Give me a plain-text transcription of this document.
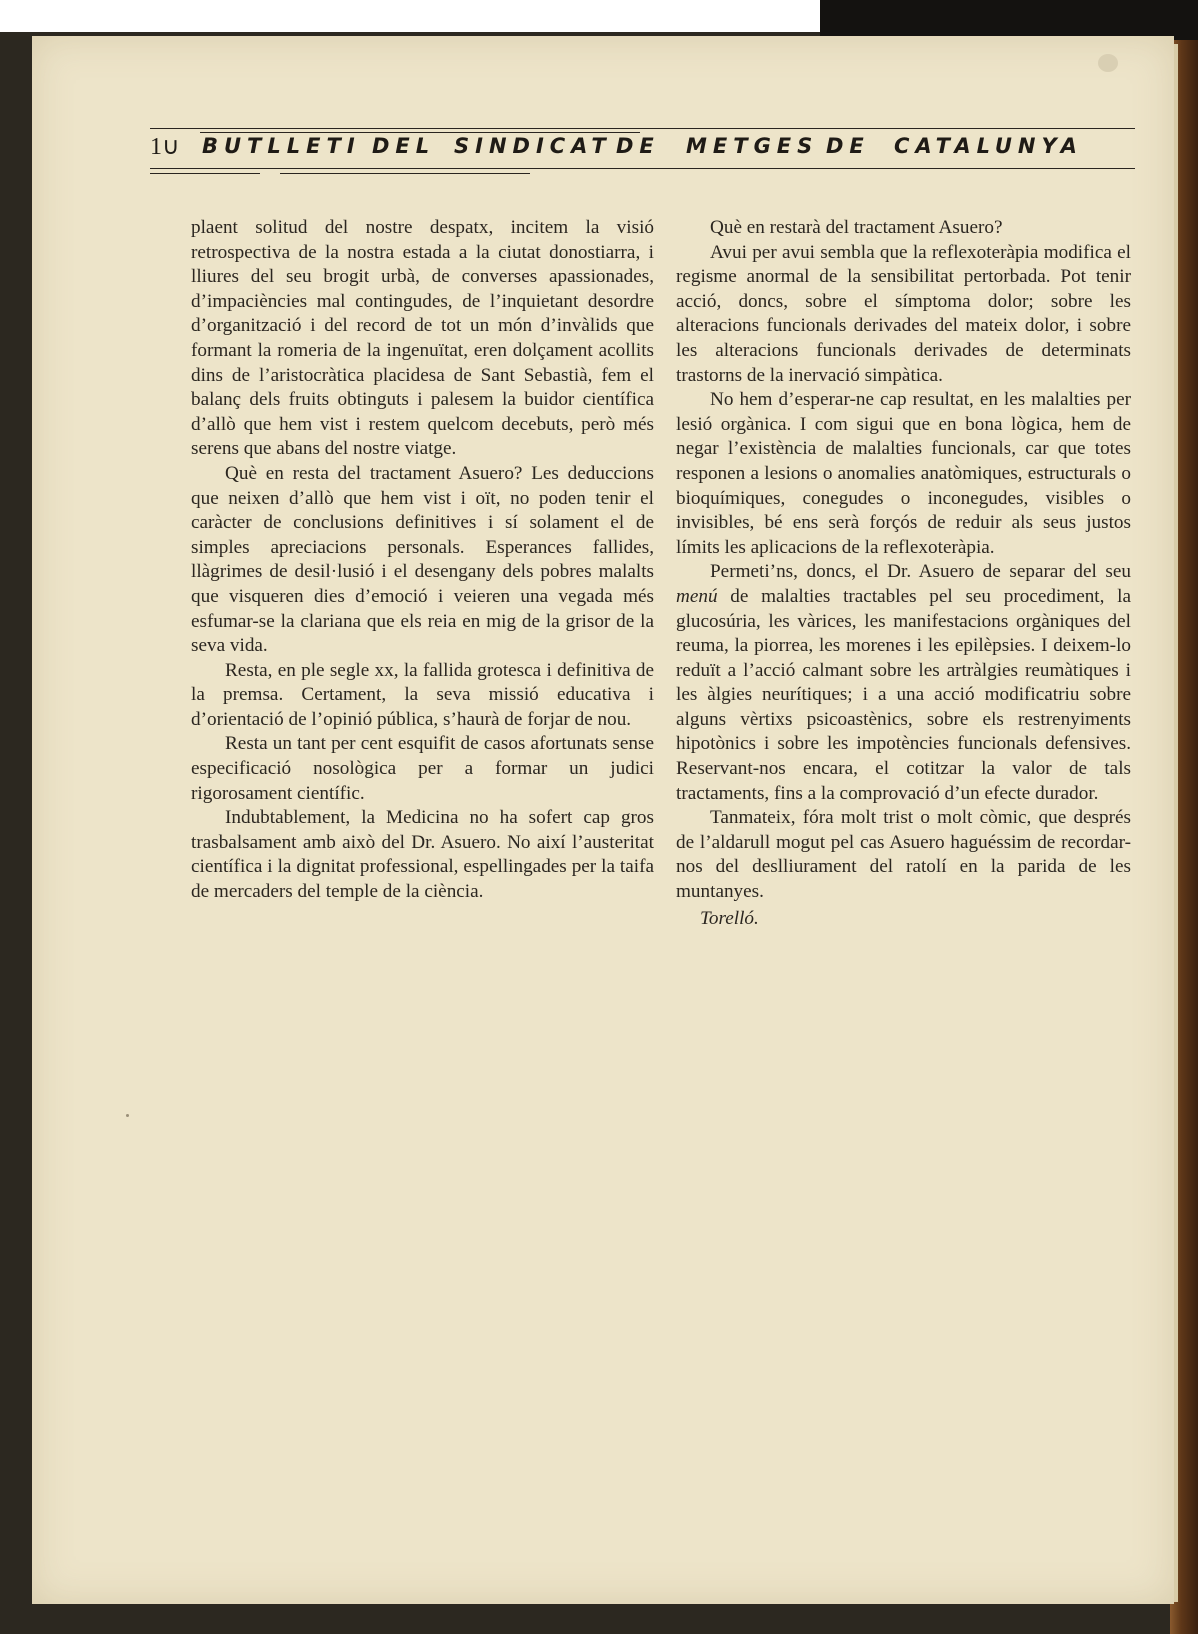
1∪ BUTLLETI DEL SINDICAT DE METGES DE CATALUNYA

plaent solitud del nostre despatx, incitem la visió retrospectiva de la nostra estada a la ciutat donostiarra, i lliures del seu brogit urbà, de converses apassionades, d’impaciències mal contingudes, de l’inquietant desordre d’organització i del record de tot un món d’invàlids que formant la romeria de la ingenuïtat, eren dolçament acollits dins de l’aristocràtica placidesa de Sant Sebastià, fem el balanç dels fruits obtinguts i palesem la buidor científica d’allò que hem vist i restem quelcom decebuts, però més serens que abans del nostre viatge.

Què en resta del tractament Asuero? Les deduccions que neixen d’allò que hem vist i oït, no poden tenir el caràcter de conclusions definitives i sí solament el de simples apreciacions personals. Esperances fallides, llàgrimes de desil·lusió i el desengany dels pobres malalts que visqueren dies d’emoció i veieren una vegada més esfumar-se la clariana que els reia en mig de la grisor de la seva vida.

Resta, en ple segle xx, la fallida grotesca i definitiva de la premsa. Certament, la seva missió educativa i d’orientació de l’opinió pública, s’haurà de forjar de nou.

Resta un tant per cent esquifit de casos afortunats sense especificació nosològica per a formar un judici rigorosament científic.

Indubtablement, la Medicina no ha sofert cap gros trasbalsament amb això del Dr. Asuero. No així l’austeritat científica i la dignitat professional, espellingades per la taifa de mercaders del temple de la ciència.

Què en restarà del tractament Asuero?

Avui per avui sembla que la reflexoteràpia modifica el regisme anormal de la sensibilitat pertorbada. Pot tenir acció, doncs, sobre el símptoma dolor; sobre les alteracions funcionals derivades del mateix dolor, i sobre les alteracions funcionals derivades de determinats trastorns de la inervació simpàtica.

No hem d’esperar-ne cap resultat, en les malalties per lesió orgànica. I com sigui que en bona lògica, hem de negar l’existència de malalties funcionals, car que totes responen a lesions o anomalies anatòmiques, estructurals o bioquímiques, conegudes o inconegudes, visibles o invisibles, bé ens serà forçós de reduir als seus justos límits les aplicacions de la reflexoteràpia.

Permeti’ns, doncs, el Dr. Asuero de separar del seu menú de malalties tractables pel seu procediment, la glucosúria, les vàrices, les manifestacions orgàniques del reuma, la piorrea, les morenes i les epilèpsies. I deixem-lo reduït a l’acció calmant sobre les artràlgies reumàtiques i les àlgies neurítiques; i a una acció modificatriu sobre alguns vèrtixs psicoastènics, sobre els restrenyiments hipotònics i sobre les impotències funcionals defensives. Reservant-nos encara, el cotitzar la valor de tals tractaments, fins a la comprovació d’un efecte durador.

Tanmateix, fóra molt trist o molt còmic, que després de l’aldarull mogut pel cas Asuero haguéssim de recordar-nos del deslliurament del ratolí en la parida de les muntanyes.

Torelló.
